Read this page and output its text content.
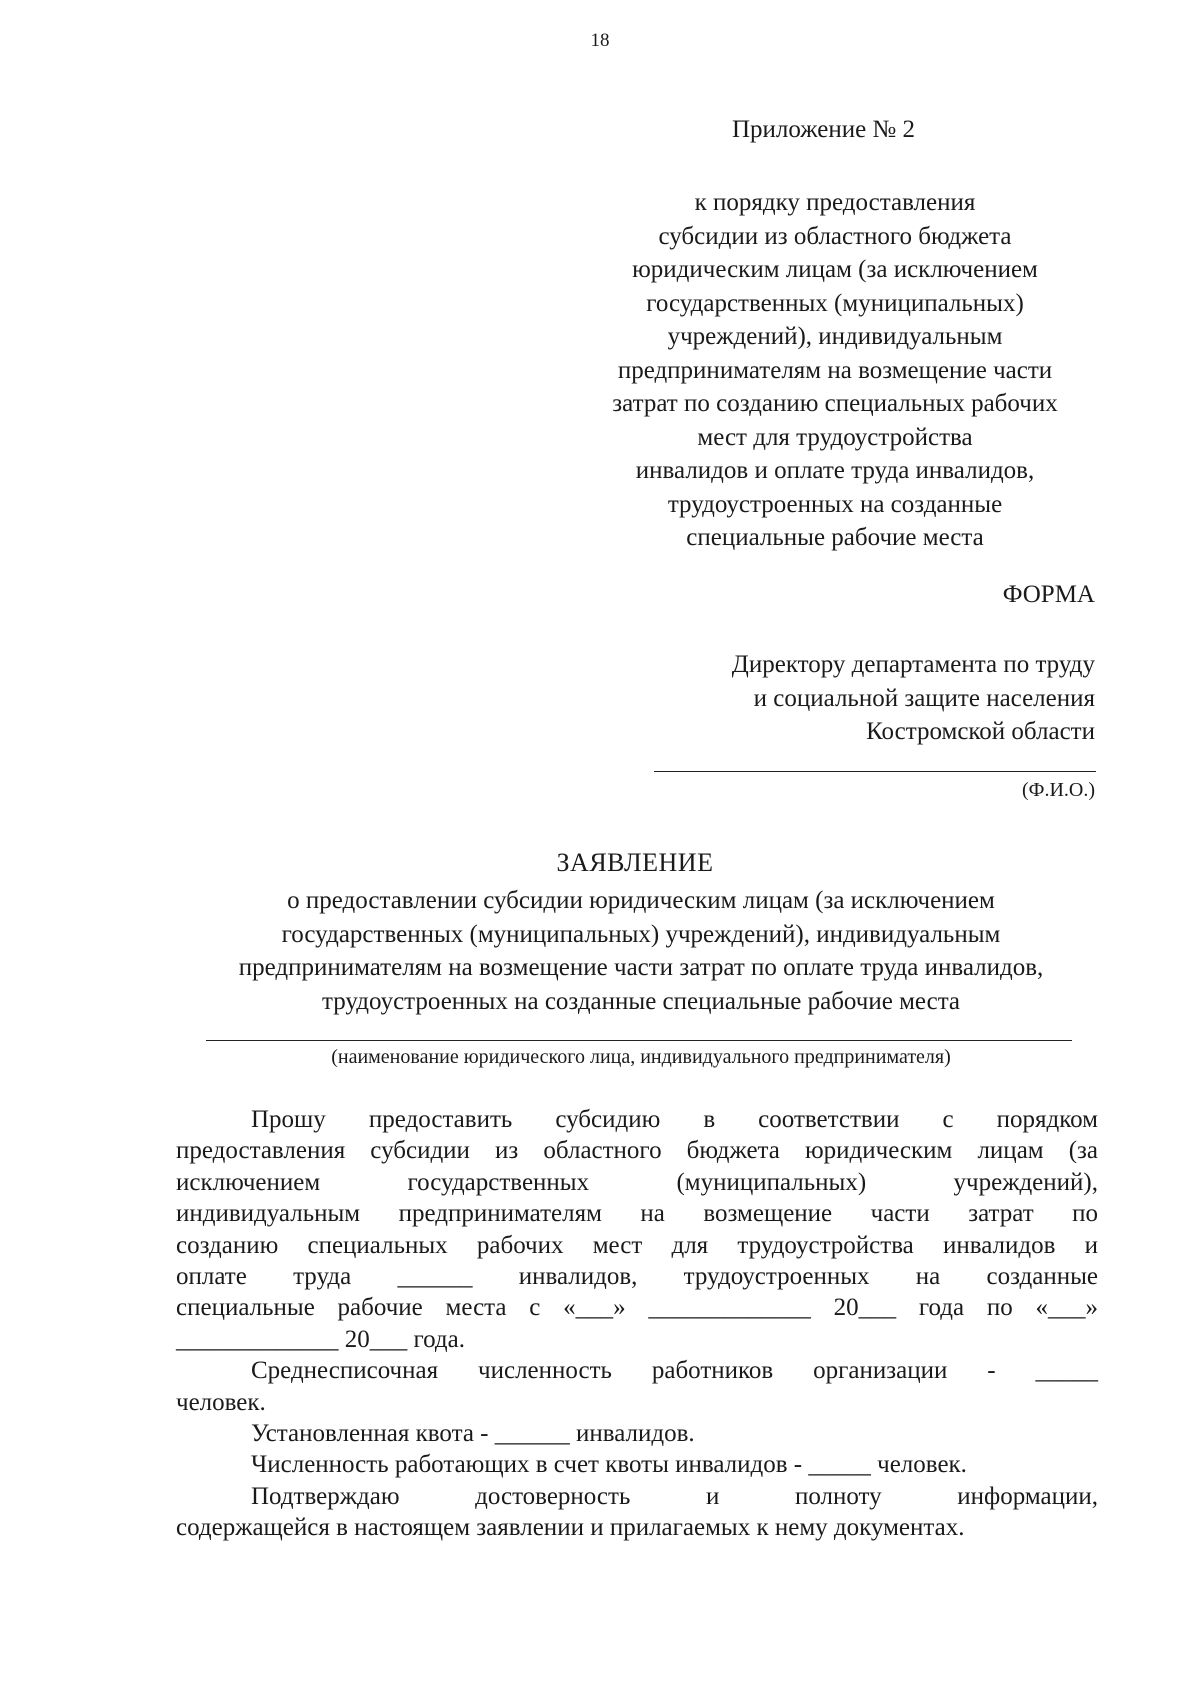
18
Приложение № 2
к порядку предоставления
субсидии из областного бюджета
юридическим лицам (за исключением
государственных (муниципальных)
учреждений), индивидуальным
предпринимателям на возмещение части
затрат по созданию специальных рабочих
мест для трудоустройства
инвалидов и оплате труда инвалидов,
трудоустроенных на созданные
специальные рабочие места
ФОРМА
Директору департамента по труду
и социальной защите населения
Костромской области
(Ф.И.О.)
ЗАЯВЛЕНИЕ
о предоставлении субсидии юридическим лицам (за исключением
государственных (муниципальных) учреждений), индивидуальным
предпринимателям на возмещение части затрат по оплате труда инвалидов,
трудоустроенных на созданные специальные рабочие места
(наименование юридического лица, индивидуального предпринимателя)
Прошу предоставить субсидию в соответствии с порядком
предоставления субсидии из областного бюджета юридическим лицам (за
исключением государственных (муниципальных) учреждений),
индивидуальным предпринимателям на возмещение части затрат по
созданию специальных рабочих мест для трудоустройства инвалидов и
оплате труда ______ инвалидов, трудоустроенных на созданные
специальные рабочие места с «___» _____________ 20___ года по «___»
_____________ 20___ года.
Среднесписочная численность работников организации - _____
человек.
Установленная квота - ______ инвалидов.
Численность работающих в счет квоты инвалидов - _____ человек.
Подтверждаю достоверность и полноту информации,
содержащейся в настоящем заявлении и прилагаемых к нему документах.
